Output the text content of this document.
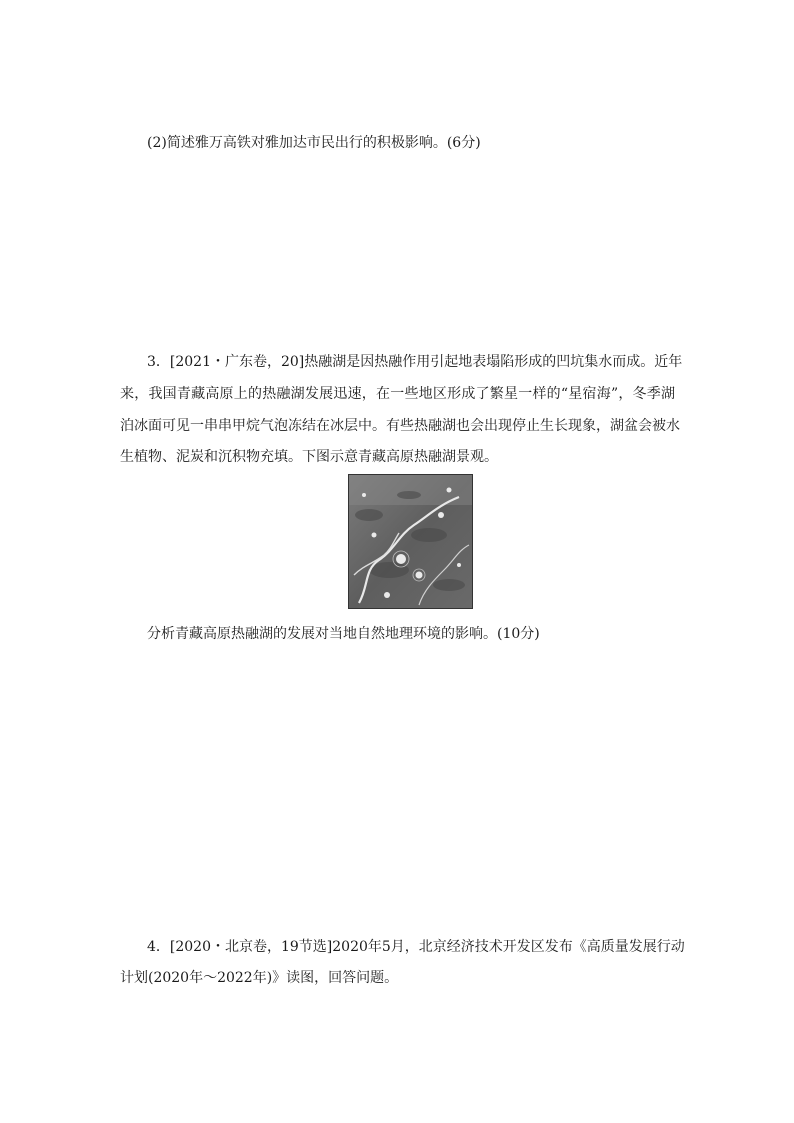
(2)简述雅万高铁对雅加达市民出行的积极影响。(6分)
3．[2021・广东卷，20]热融湖是因热融作用引起地表塌陷形成的凹坑集水而成。近年
来，我国青藏高原上的热融湖发展迅速，在一些地区形成了繁星一样的“星宿海”，冬季湖
泊冰面可见一串串甲烷气泡冻结在冰层中。有些热融湖也会出现停止生长现象，湖盆会被水
生植物、泥炭和沉积物充填。下图示意青藏高原热融湖景观。
分析青藏高原热融湖的发展对当地自然地理环境的影响。(10分)
4．[2020・北京卷，19节选]2020年5月，北京经济技术开发区发布《高质量发展行动
计划(2020年～2022年)》读图，回答问题。
